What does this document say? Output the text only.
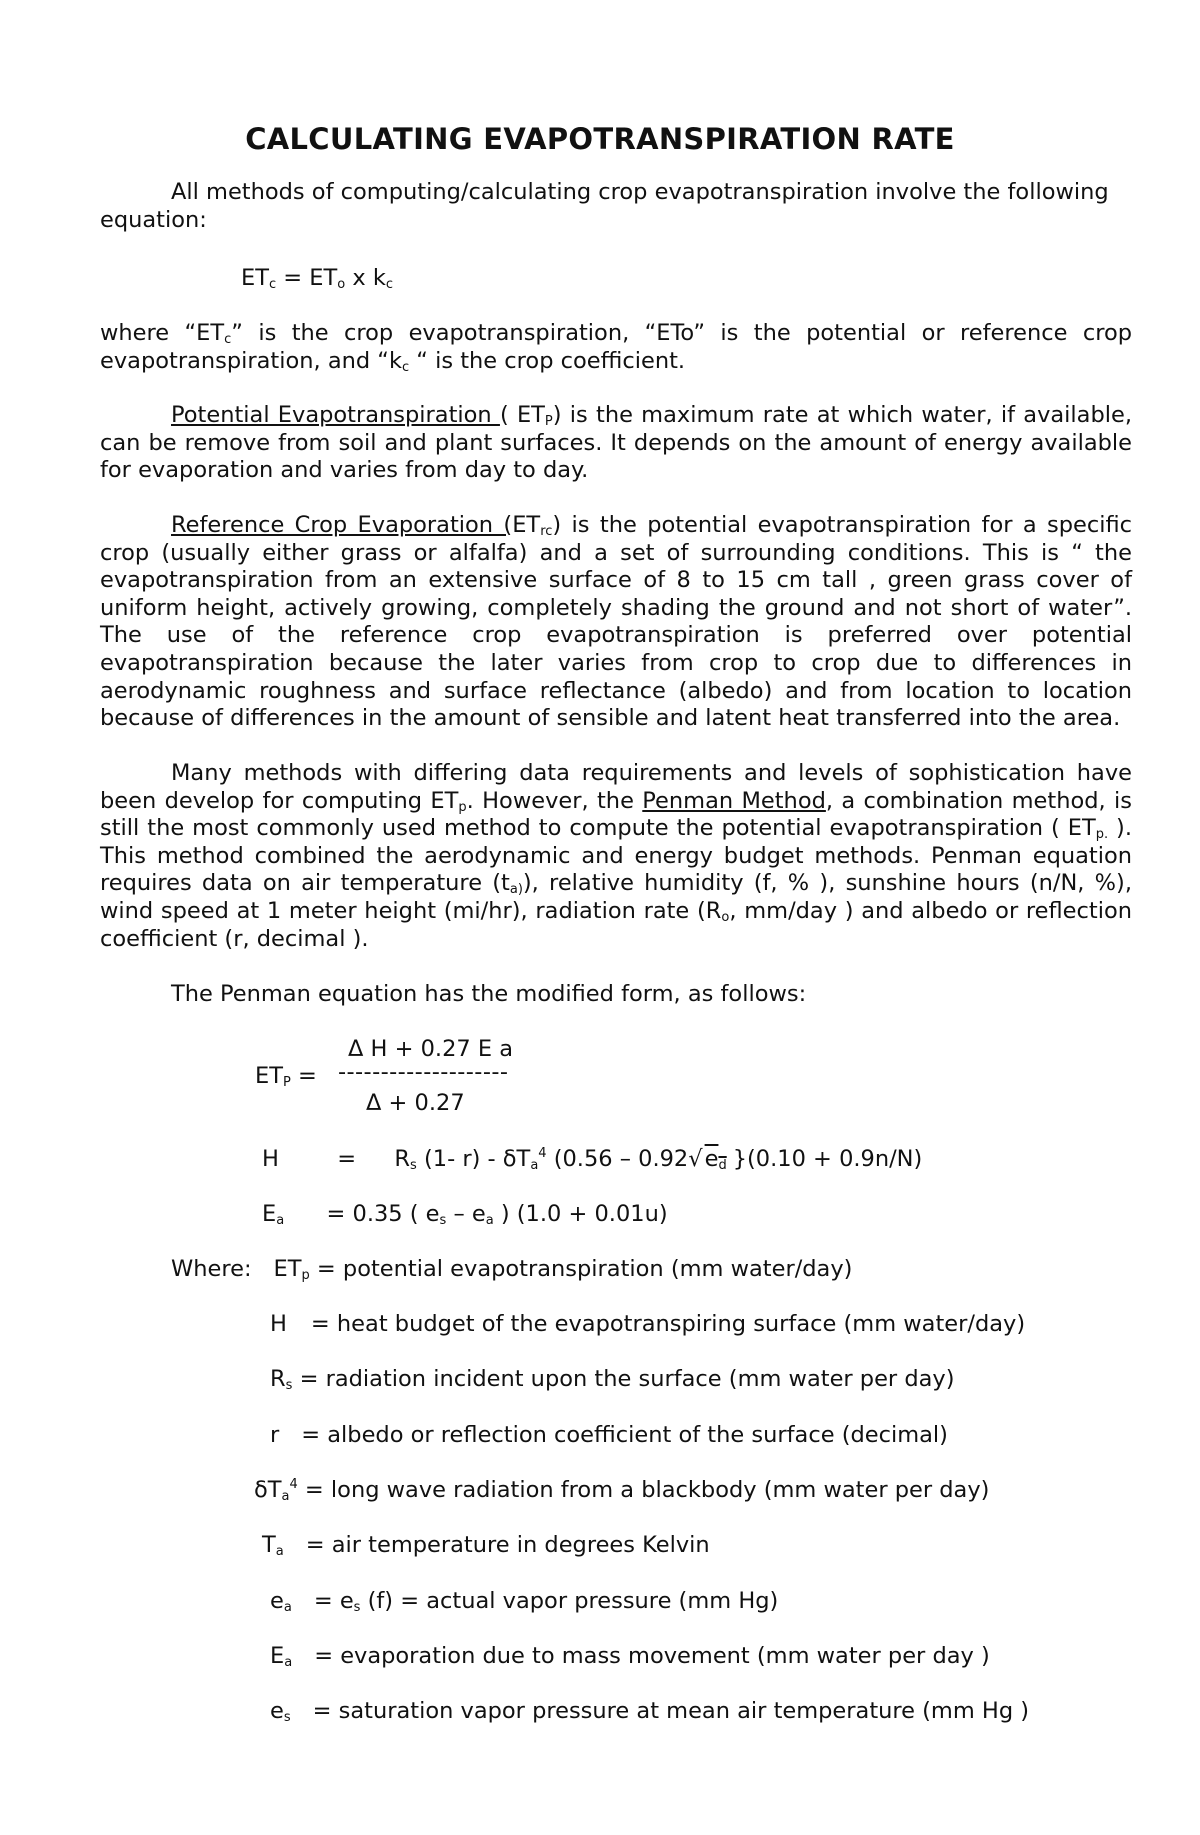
CALCULATING EVAPOTRANSPIRATION RATE

All methods of computing/calculating crop evapotranspiration involve the following equation:

$ET_c = ET_o$ x $k_c$

where “$ET_c$” is the crop evapotranspiration, “ETo” is the potential or reference crop evapotranspiration, and “$k_c$ “ is the crop coefficient.

Potential Evapotranspiration ( $ET_P$) is the maximum rate at which water, if available, can be remove from soil and plant surfaces. It depends on the amount of energy available for evaporation and varies from day to day.

Reference Crop Evaporation $(ET_{rc})$ is the potential evapotranspiration for a specific crop (usually either grass or alfalfa) and a set of surrounding conditions. This is “ the evapotranspiration from an extensive surface of 8 to 15 cm tall , green grass cover of uniform height, actively growing, completely shading the ground and not short of water”. The use of the reference crop evapotranspiration is preferred over potential evapotranspiration because the later varies from crop to crop due to differences in aerodynamic roughness and surface reflectance (albedo) and from location to location because of differences in the amount of sensible and latent heat transferred into the area.

Many methods with differing data requirements and levels of sophistication have been develop for computing $ET_p$. However, the Penman Method, a combination method, is still the most commonly used method to compute the potential evapotranspiration ( $ET_{p.}$ ). This method combined the aerodynamic and energy budget methods. Penman equation requires data on air temperature $(t_{a)})$, relative humidity (f, % ), sunshine hours (n/N, %), wind speed at 1 meter height (mi/hr), radiation rate ($R_o$, mm/day ) and albedo or reflection coefficient (r, decimal ).

The Penman equation has the modified form, as follows:
Δ H + 0.27 E a
$ET_P$ = --------------------
Δ + 0.27
H	= $R_s$ (1- $r) - \delta T_a^4$ ($0.56 - 0.92√e_d$ }(0.10 + 0.9n/N)
$E_a = 0.35$ ( $e_s - e_a$ ) (1.0 + 0.01u)
Where: $ET_p$ = potential evapotranspiration (mm water/day)
H = heat budget of the evapotranspiring surface (mm water/day)
$R_s$ = radiation incident upon the surface (mm water per day)
r = albedo or reflection coefficient of the surface (decimal)
$\delta T_a^4$ = long wave radiation from a blackbody (mm water per day)
$T_a$ = air temperature in degrees Kelvin
$e_a = e_s$ (f) = actual vapor pressure (mm Hg)
$E_a$ = evaporation due to mass movement (mm water per day )
$e_s$ = saturation vapor pressure at mean air temperature (mm Hg )
